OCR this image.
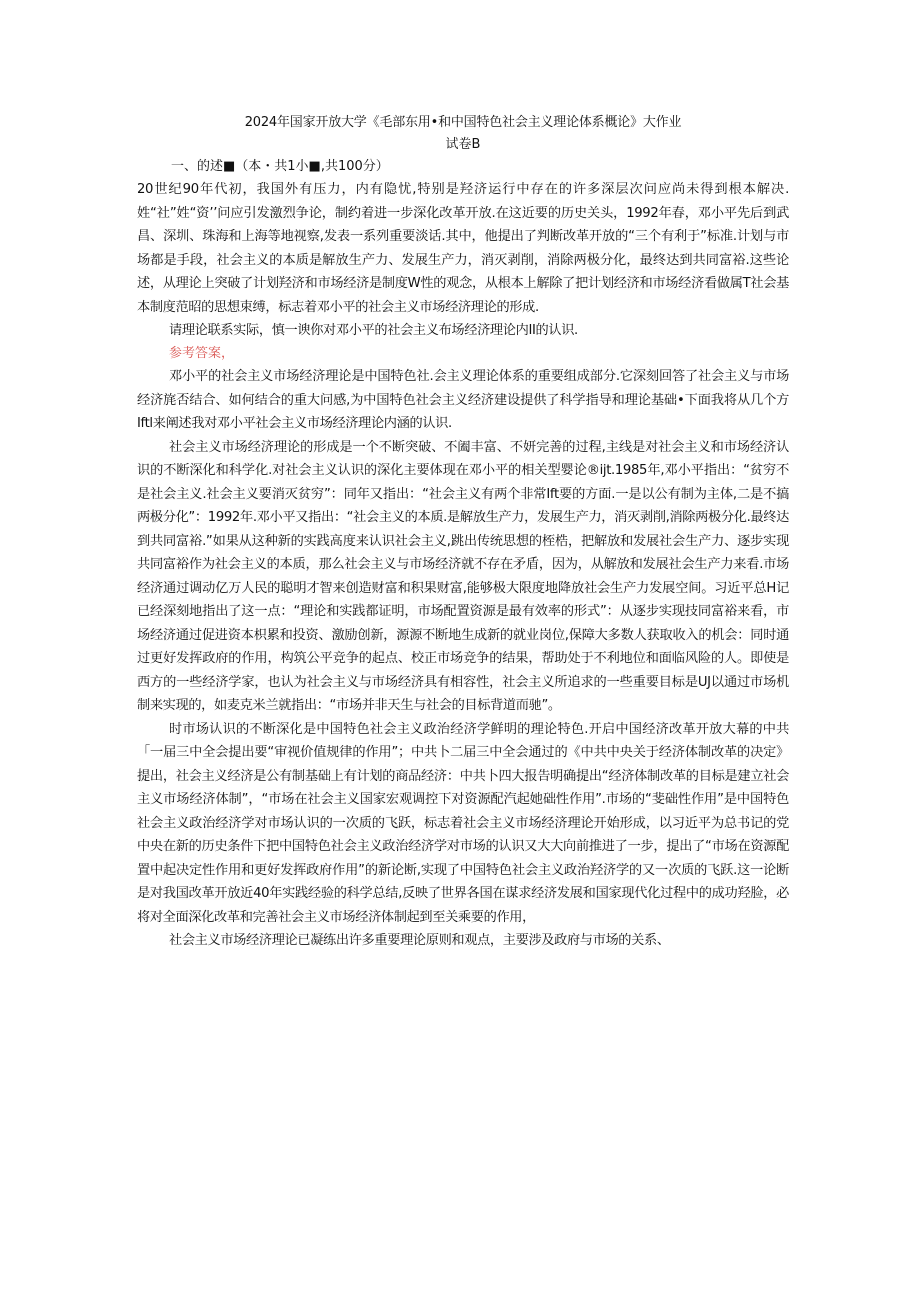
2024年国家开放大学《毛部东用•和中国特色社会主义理论体系概论》大作业

试卷B

一、的述■（本・共1小■,共100分）

20世纪90年代初，我国外有压力，内有隐忧,特别是羟济运行中存在的许多深层次问应尚未得到根本解决.姓“社”姓“资’’问应引发激烈争论，制约着进一步深化改革开放.在这近要的历史关头，1992年春，邓小平先后到武昌、深圳、珠海和上海等地视察,发表一系列重要淡话.其中，他提出了判断改革开放的“三个有利于”标准.计划与市场都是手段，社会主义的本质是解放生产力、发展生产力，消灭剥削，消除两极分化，最终达到共同富裕.这些论述，从理论上突破了计划羟济和市场经济是制度W性的观念，从根本上解除了把计划经济和市场经济看做属T社会基本制度范昭的思想束缚，标志着邓小平的社会主义市场经济理论的形成.

请理论联系实际，慎一谀你对邓小平的社会主义布场经济理论内II的认识.

参考答案，

邓小平的社会主义市场经济理论是中国特色社.会主义理论体系的重要组成部分.它深刻回答了社会主义与市场经济旄否结合、如何结合的重大问感,为中国特色社会主义经济建设提供了科学指导和理论基础•下面我将从几个方Iftl来阐述我对邓小平社会主义市场经济理论内涵的认识.

社会主义市场经济理论的形成是一个不断突破、不阖丰富、不妍完善的过程,主线是对社会主义和市场经济认识的不断深化和科学化.对社会主义认识的深化主要体现在邓小平的相关型婴论®ijt.1985年,邓小平指出：“贫穷不是社会主义.社会主义要消灭贫穷”：同年又指出：“社会主义有两个非常Ift要的方面.一是以公有制为主体,二是不搞两极分化”：1992年.邓小平又指出：“社会主义的本质.是解放生产力，发展生产力，消灭剥削,消除两极分化.最终达到共同富裕.”如果从这种新的实践高度来认识社会主义,跳出传统思想的桎梏，把解放和发展社会生产力、逐步实现共同富裕作为社会主义的本质，那么社会主义与市场经济就不存在矛盾，因为，从解放和发展社会生产力来看.市场经济通过调动亿万人民的聪明才智来创造财富和积果财富,能够极大限度地降放社会生产力发展空间。习近平总H记已经深刻地指出了这一点：“理论和实践都证明，市场配置资源是最有效率的形式”：从逐步实现技同富裕来看，市场经济通过促进资本枳累和投资、激励创新，源源不断地生成新的就业岗位,保障大多数人获取收入的机会：同时通过更好发挥政府的作用，构筑公平竞争的起点、校正市场竞争的结果，帮助处于不利地位和面临风险的人。即使是西方的一些经济学家，也认为社会主义与市场经济具有相容性，社会主义所追求的一些重要目标是UJ以通过市场机制来实现的，如麦克米兰就指出：“市场并非天生与社会的目标背道而驰”。

时市场认识的不断深化是中国特色社会主义政治经济学鲜明的理论特色.开启中国经济改革开放大幕的中共「一届三中全会提出要“审视价值规律的作用”；中共卜二届三中全会通过的《中共中央关于经济体制改革的决定》提出，社会主义经济是公有制基础上有计划的商品经济：中共卜四大报告明确提出“经济体制改革的目标是建立社会主义市场经济体制”，“市场在社会主义国家宏观调控下对资源配汽起她础性作用”.市场的“斐础性作用”是中国特色社会主义政治经济学对市场认识的一次质的飞跃，标志着社会主义市场经济理论开始形成，以习近平为总书记的党中央在新的历史条件下把中国特色社会主义政治经济学对市场的认识又大大向前推进了一步，提出了“市场在资源配置中起决定性作用和更好发挥政府作用”的新论断,实现了中国特色社会主义政治羟济学的又一次质的飞跃.这一论断是对我国改革开放近40年实践经验的科学总结,反映了世界各国在谋求经济发展和国家现代化过程中的成功羟脸，必将对全面深化改革和完善社会主义市场经济体制起到至关乘要的作用，

社会主义市场经济理论已凝练出许多重要理论原则和观点，主要涉及政府与市场的关系、
